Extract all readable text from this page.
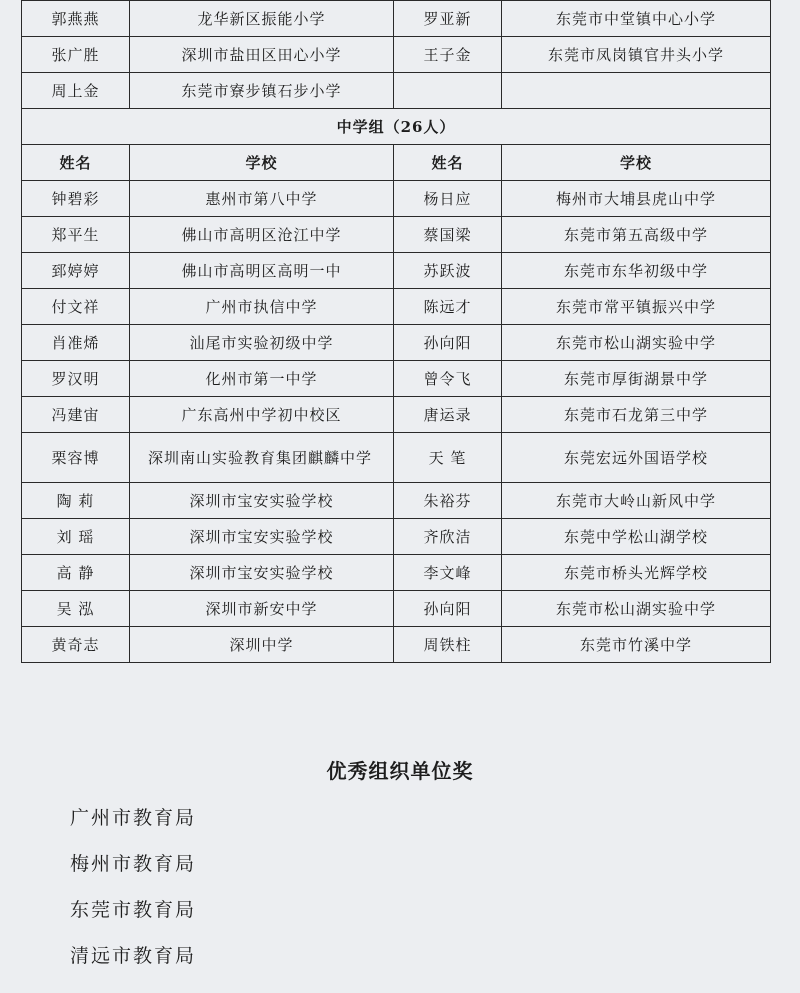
郭燕燕	龙华新区振能小学	罗亚新	东莞市中堂镇中心小学
张广胜	深圳市盐田区田心小学	王子金	东莞市凤岗镇官井头小学
周上金	东莞市寮步镇石步小学		
中学组（26人）			
姓名	学校	姓名	学校
钟碧彩	惠州市第八中学	杨日应	梅州市大埔县虎山中学
郑平生	佛山市高明区沧江中学	蔡国梁	东莞市第五高级中学
郅婷婷	佛山市高明区高明一中	苏跃波	东莞市东华初级中学
付文祥	广州市执信中学	陈远才	东莞市常平镇振兴中学
肖准烯	汕尾市实验初级中学	孙向阳	东莞市松山湖实验中学
罗汉明	化州市第一中学	曾令飞	东莞市厚街湖景中学
冯建宙	广东高州中学初中校区	唐运录	东莞市石龙第三中学
栗容博	深圳南山实验教育集团麒麟中学	天 笔	东莞宏远外国语学校
陶 莉	深圳市宝安实验学校	朱裕芬	东莞市大岭山新风中学
刘 瑶	深圳市宝安实验学校	齐欣洁	东莞中学松山湖学校
高 静	深圳市宝安实验学校	李文峰	东莞市桥头光辉学校
吴 泓	深圳市新安中学	孙向阳	东莞市松山湖实验中学
黄奇志	深圳中学	周铁柱	东莞市竹溪中学
优秀组织单位奖
广州市教育局
梅州市教育局
东莞市教育局
清远市教育局
